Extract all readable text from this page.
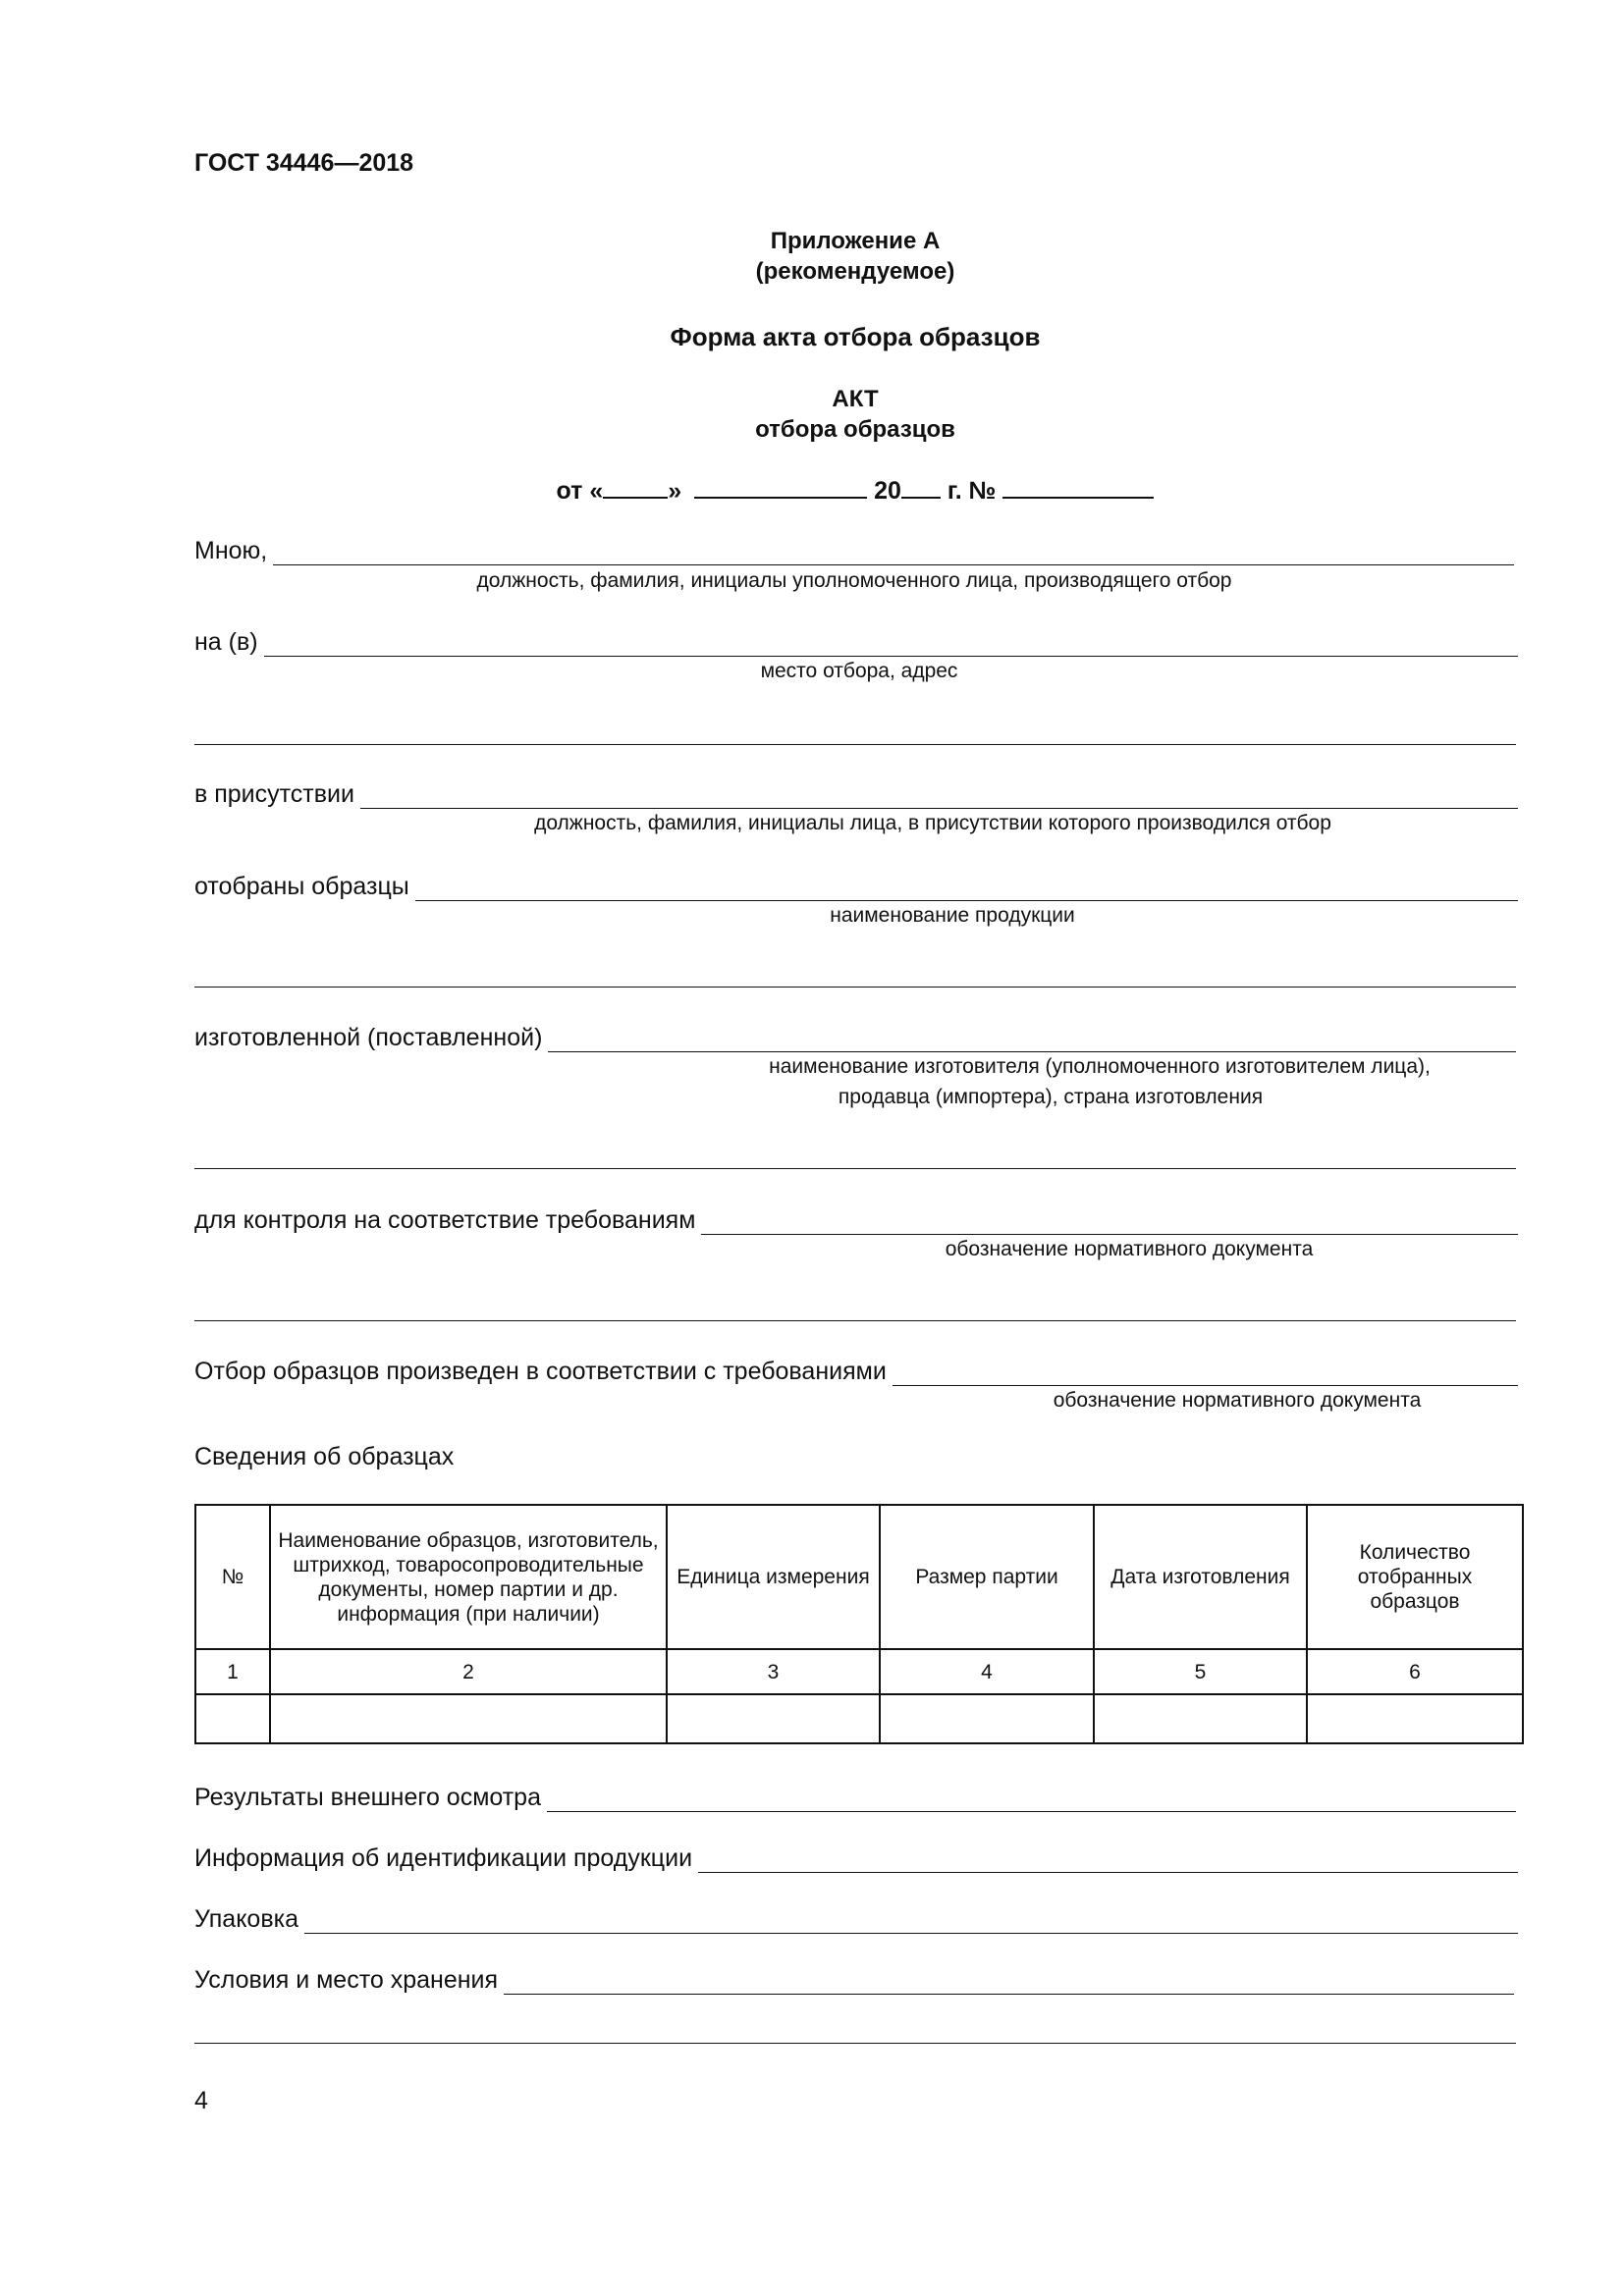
ГОСТ 34446—2018
Приложение А
(рекомендуемое)
Форма акта отбора образцов
АКТ
отбора образцов
от «	»	20 г. №
Мною,
должность, фамилия, инициалы уполномоченного лица, производящего отбор
на (в)
место отбора, адрес
в присутствии
должность, фамилия, инициалы лица, в присутствии которого производился отбор
отобраны образцы
наименование продукции
изготовленной (поставленной)
наименование изготовителя (уполномоченного изготовителем лица),
продавца (импортера), страна изготовления
для контроля на соответствие требованиям
обозначение нормативного документа
Отбор образцов произведен в соответствии с требованиями
обозначение нормативного документа
Сведения об образцах
№	Наименование образцов, изготовитель, штрихкод, товаросопроводительные документы, номер партии и др. информация (при наличии)	Единица измерения	Размер партии	Дата изготовления	Количество отобранных образцов
1	2	3	4	5	6

Результаты внешнего осмотра
Информация об идентификации продукции
Упаковка
Условия и место хранения
4
